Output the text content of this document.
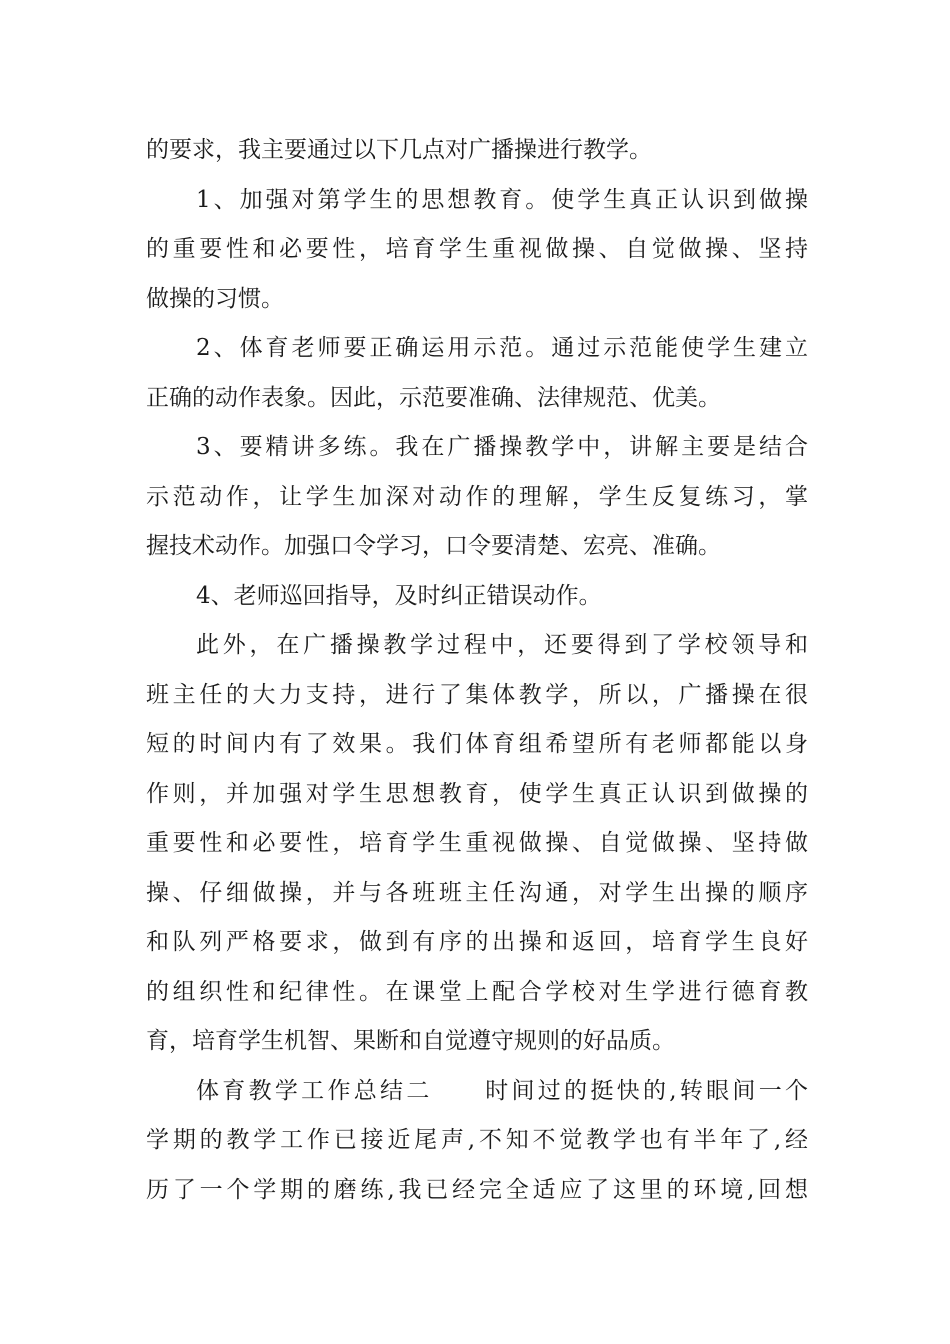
的要求，我主要通过以下几点对广播操进行教学。
1、加强对第学生的思想教育。使学生真正认识到做操
的重要性和必要性，培育学生重视做操、自觉做操、坚持
做操的习惯。
2、体育老师要正确运用示范。通过示范能使学生建立
正确的动作表象。因此，示范要准确、法律规范、优美。
3、要精讲多练。我在广播操教学中，讲解主要是结合
示范动作，让学生加深对动作的理解，学生反复练习，掌
握技术动作。加强口令学习，口令要清楚、宏亮、准确。
4、老师巡回指导，及时纠正错误动作。
此外，在广播操教学过程中，还要得到了学校领导和
班主任的大力支持，进行了集体教学，所以，广播操在很
短的时间内有了效果。我们体育组希望所有老师都能以身
作则，并加强对学生思想教育，使学生真正认识到做操的
重要性和必要性，培育学生重视做操、自觉做操、坚持做
操、仔细做操，并与各班班主任沟通，对学生出操的顺序
和队列严格要求，做到有序的出操和返回，培育学生良好
的组织性和纪律性。在课堂上配合学校对生学进行德育教
育，培育学生机智、果断和自觉遵守规则的好品质。
体育教学工作总结二　　时间过的挺快的,转眼间一个
学期的教学工作已接近尾声,不知不觉教学也有半年了,经
历了一个学期的磨练,我已经完全适应了这里的环境,回想
